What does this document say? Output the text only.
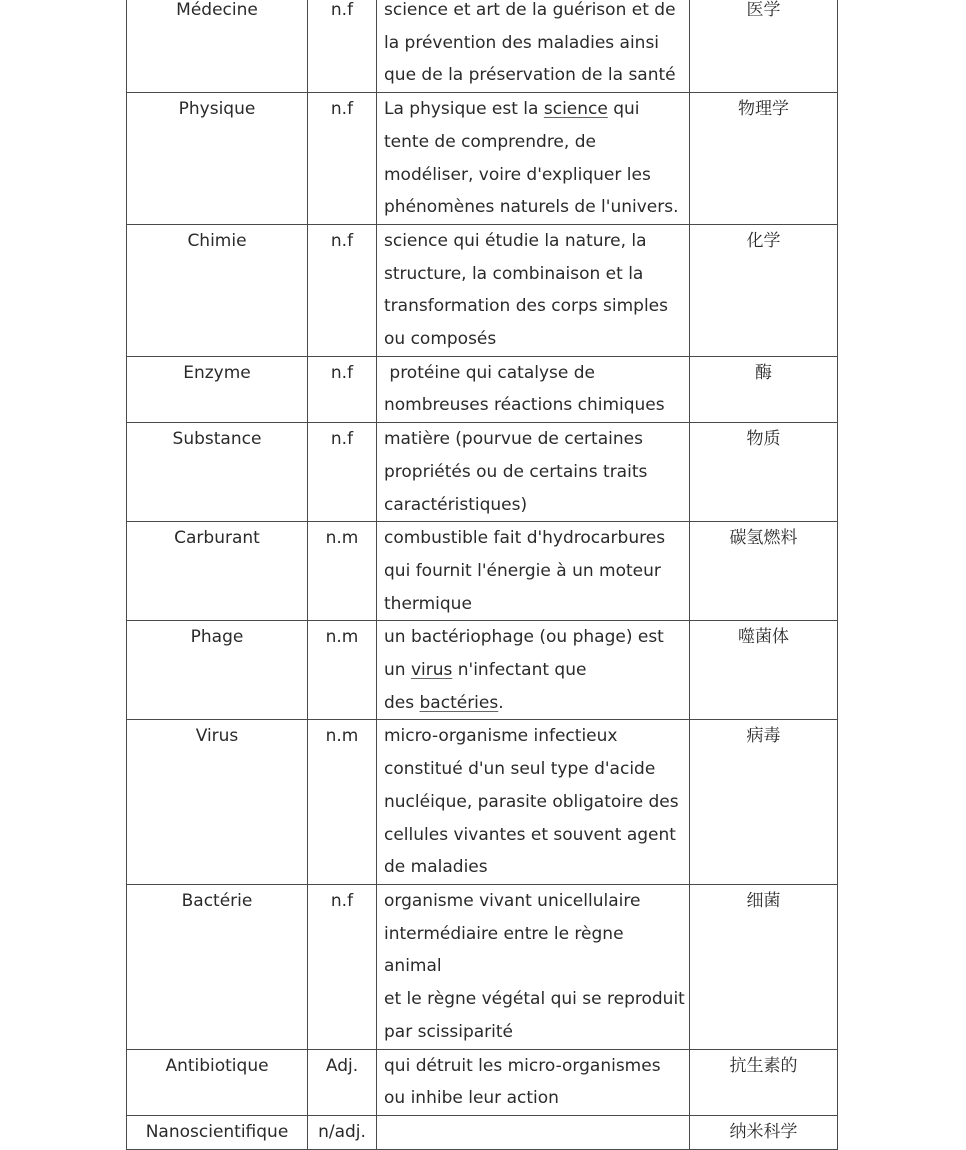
Médecine	n.f	science et art de la guérison et de
la prévention des maladies ainsi
que de la préservation de la santé	医学
Physique	n.f	La physique est la science qui
tente de comprendre, de
modéliser, voire d'expliquer les
phénomènes naturels de l'univers.	物理学
Chimie	n.f	science qui étudie la nature, la
structure, la combinaison et la
transformation des corps simples
ou composés	化学
Enzyme	n.f	protéine qui catalyse de
nombreuses réactions chimiques	酶
Substance	n.f	matière (pourvue de certaines
propriétés ou de certains traits
caractéristiques)	物质
Carburant	n.m	combustible fait d'hydrocarbures
qui fournit l'énergie à un moteur
thermique	碳氢燃料
Phage	n.m	un bactériophage (ou phage) est
un virus n'infectant que
des bactéries.	噬菌体
Virus	n.m	micro-organisme infectieux
constitué d'un seul type d'acide
nucléique, parasite obligatoire des
cellules vivantes et souvent agent
de maladies	病毒
Bactérie	n.f	organisme vivant unicellulaire
intermédiaire entre le règne animal
et le règne végétal qui se reproduit
par scissiparité	细菌
Antibiotique	Adj.	qui détruit les micro-organismes
ou inhibe leur action	抗生素的
Nanoscientifique	n/adj.		纳米科学
